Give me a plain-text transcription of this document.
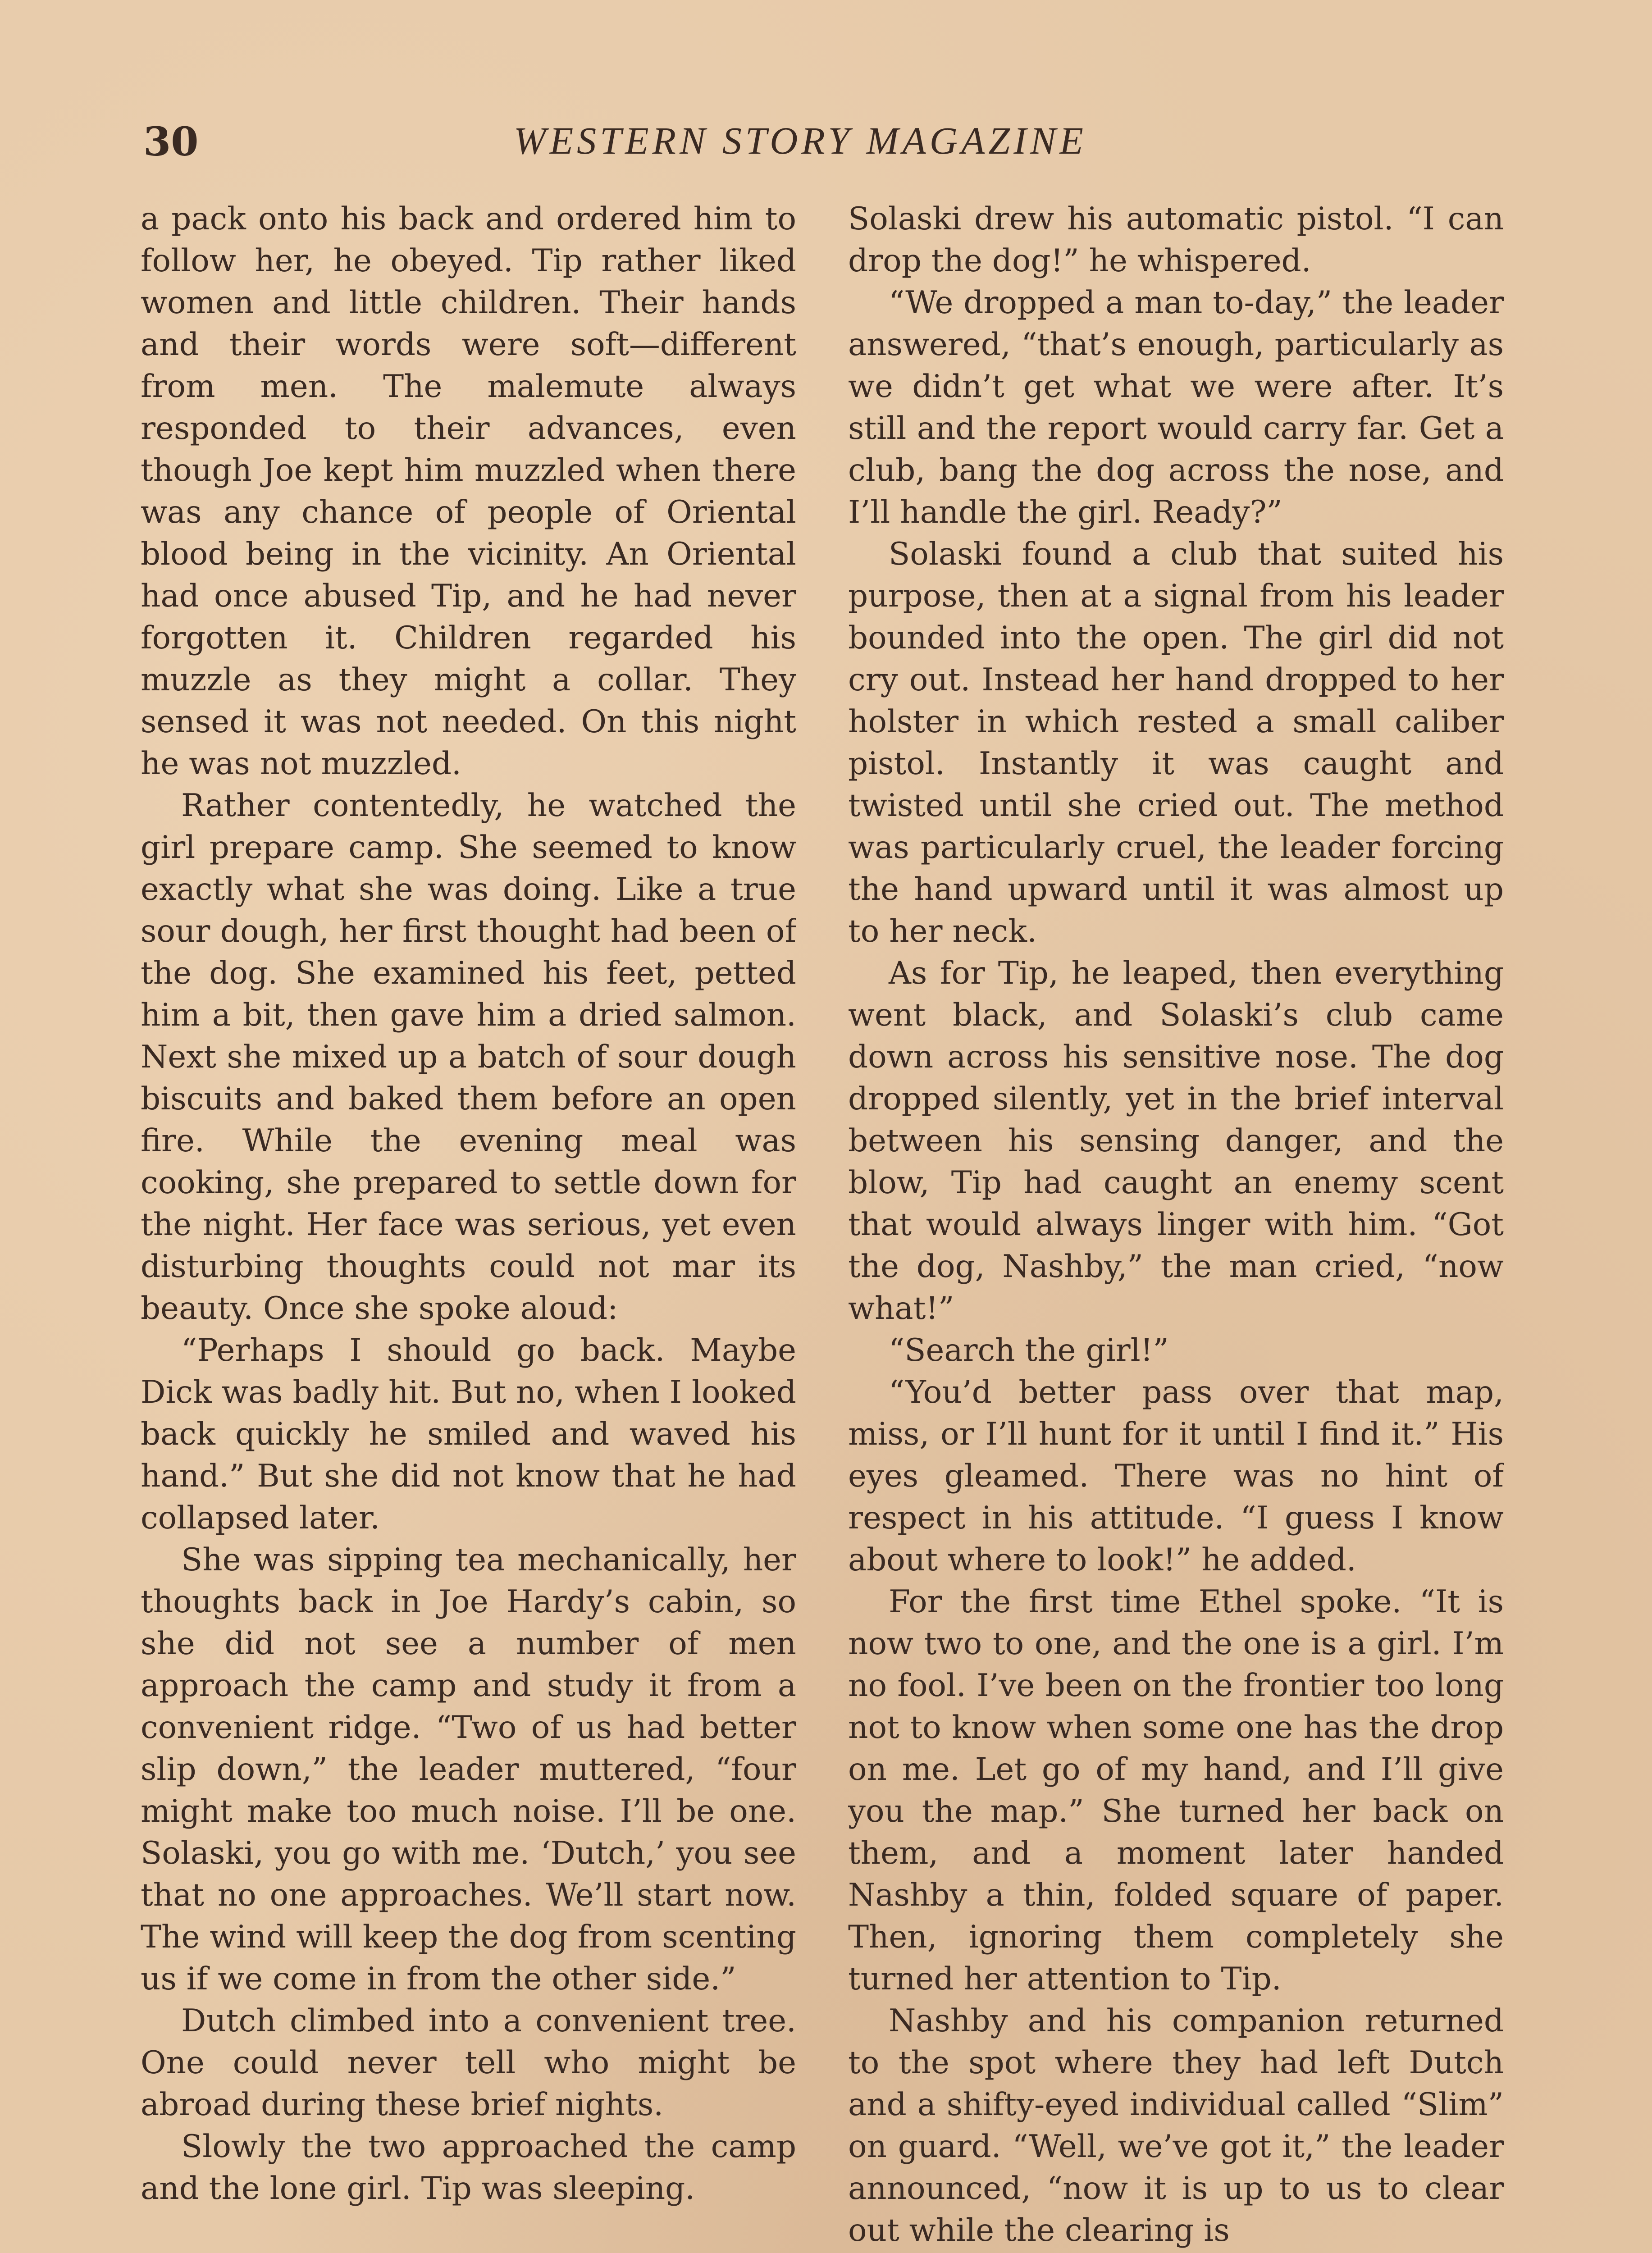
30	WESTERN STORY MAGAZINE

a pack onto his back and ordered him to follow her, he obeyed. Tip rather liked women and little children. Their hands and their words were soft—different from men. The malemute always responded to their advances, even though Joe kept him muzzled when there was any chance of people of Oriental blood being in the vicinity. An Oriental had once abused Tip, and he had never forgotten it. Children regarded his muzzle as they might a collar. They sensed it was not needed. On this night he was not muzzled.

Rather contentedly, he watched the girl prepare camp. She seemed to know exactly what she was doing. Like a true sour dough, her first thought had been of the dog. She examined his feet, petted him a bit, then gave him a dried salmon. Next she mixed up a batch of sour dough biscuits and baked them before an open fire. While the evening meal was cooking, she prepared to settle down for the night. Her face was serious, yet even disturbing thoughts could not mar its beauty. Once she spoke aloud:

“Perhaps I should go back. Maybe Dick was badly hit. But no, when I looked back quickly he smiled and waved his hand.” But she did not know that he had collapsed later.

She was sipping tea mechanically, her thoughts back in Joe Hardy’s cabin, so she did not see a number of men approach the camp and study it from a convenient ridge. “Two of us had better slip down,” the leader muttered, “four might make too much noise. I’ll be one. Solaski, you go with me. ‘Dutch,’ you see that no one approaches. We’ll start now. The wind will keep the dog from scenting us if we come in from the other side.”

Dutch climbed into a convenient tree. One could never tell who might be abroad during these brief nights.

Slowly the two approached the camp and the lone girl. Tip was sleeping.

Solaski drew his automatic pistol. “I can drop the dog!” he whispered.

“We dropped a man to-day,” the leader answered, “that’s enough, particularly as we didn’t get what we were after. It’s still and the report would carry far. Get a club, bang the dog across the nose, and I’ll handle the girl. Ready?”

Solaski found a club that suited his purpose, then at a signal from his leader bounded into the open. The girl did not cry out. Instead her hand dropped to her holster in which rested a small caliber pistol. Instantly it was caught and twisted until she cried out. The method was particularly cruel, the leader forcing the hand upward until it was almost up to her neck.

As for Tip, he leaped, then everything went black, and Solaski’s club came down across his sensitive nose. The dog dropped silently, yet in the brief interval between his sensing danger, and the blow, Tip had caught an enemy scent that would always linger with him. “Got the dog, Nashby,” the man cried, “now what!”

“Search the girl!”

“You’d better pass over that map, miss, or I’ll hunt for it until I find it.” His eyes gleamed. There was no hint of respect in his attitude. “I guess I know about where to look!” he added.

For the first time Ethel spoke. “It is now two to one, and the one is a girl. I’m no fool. I’ve been on the frontier too long not to know when some one has the drop on me. Let go of my hand, and I’ll give you the map.” She turned her back on them, and a moment later handed Nashby a thin, folded square of paper. Then, ignoring them completely she turned her attention to Tip.

Nashby and his companion returned to the spot where they had left Dutch and a shifty-eyed individual called “Slim” on guard. “Well, we’ve got it,” the leader announced, “now it is up to us to clear out while the clearing is
